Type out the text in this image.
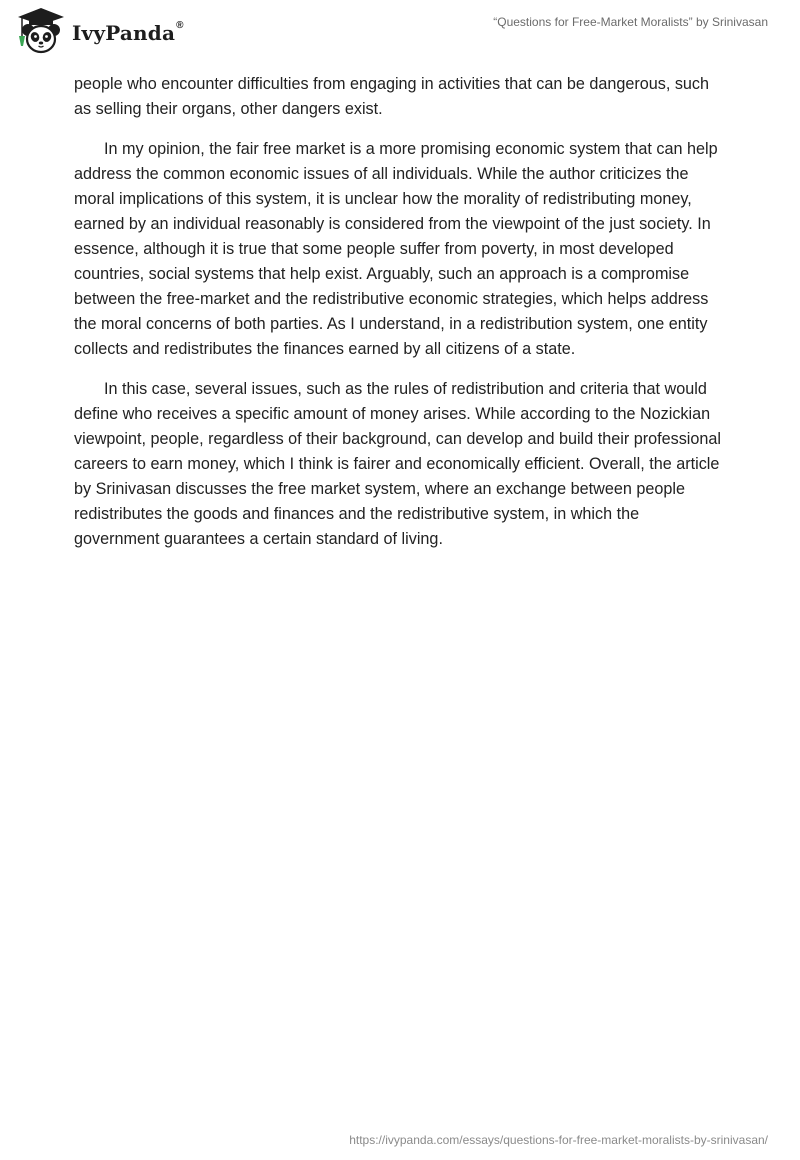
IvyPanda®	“Questions for Free-Market Moralists” by Srinivasan

people who encounter difficulties from engaging in activities that can be dangerous, such as selling their organs, other dangers exist.

In my opinion, the fair free market is a more promising economic system that can help address the common economic issues of all individuals. While the author criticizes the moral implications of this system, it is unclear how the morality of redistributing money, earned by an individual reasonably is considered from the viewpoint of the just society. In essence, although it is true that some people suffer from poverty, in most developed countries, social systems that help exist. Arguably, such an approach is a compromise between the free-market and the redistributive economic strategies, which helps address the moral concerns of both parties. As I understand, in a redistribution system, one entity collects and redistributes the finances earned by all citizens of a state.

In this case, several issues, such as the rules of redistribution and criteria that would define who receives a specific amount of money arises. While according to the Nozickian viewpoint, people, regardless of their background, can develop and build their professional careers to earn money, which I think is fairer and economically efficient. Overall, the article by Srinivasan discusses the free market system, where an exchange between people redistributes the goods and finances and the redistributive system, in which the government guarantees a certain standard of living.

https://ivypanda.com/essays/questions-for-free-market-moralists-by-srinivasan/
